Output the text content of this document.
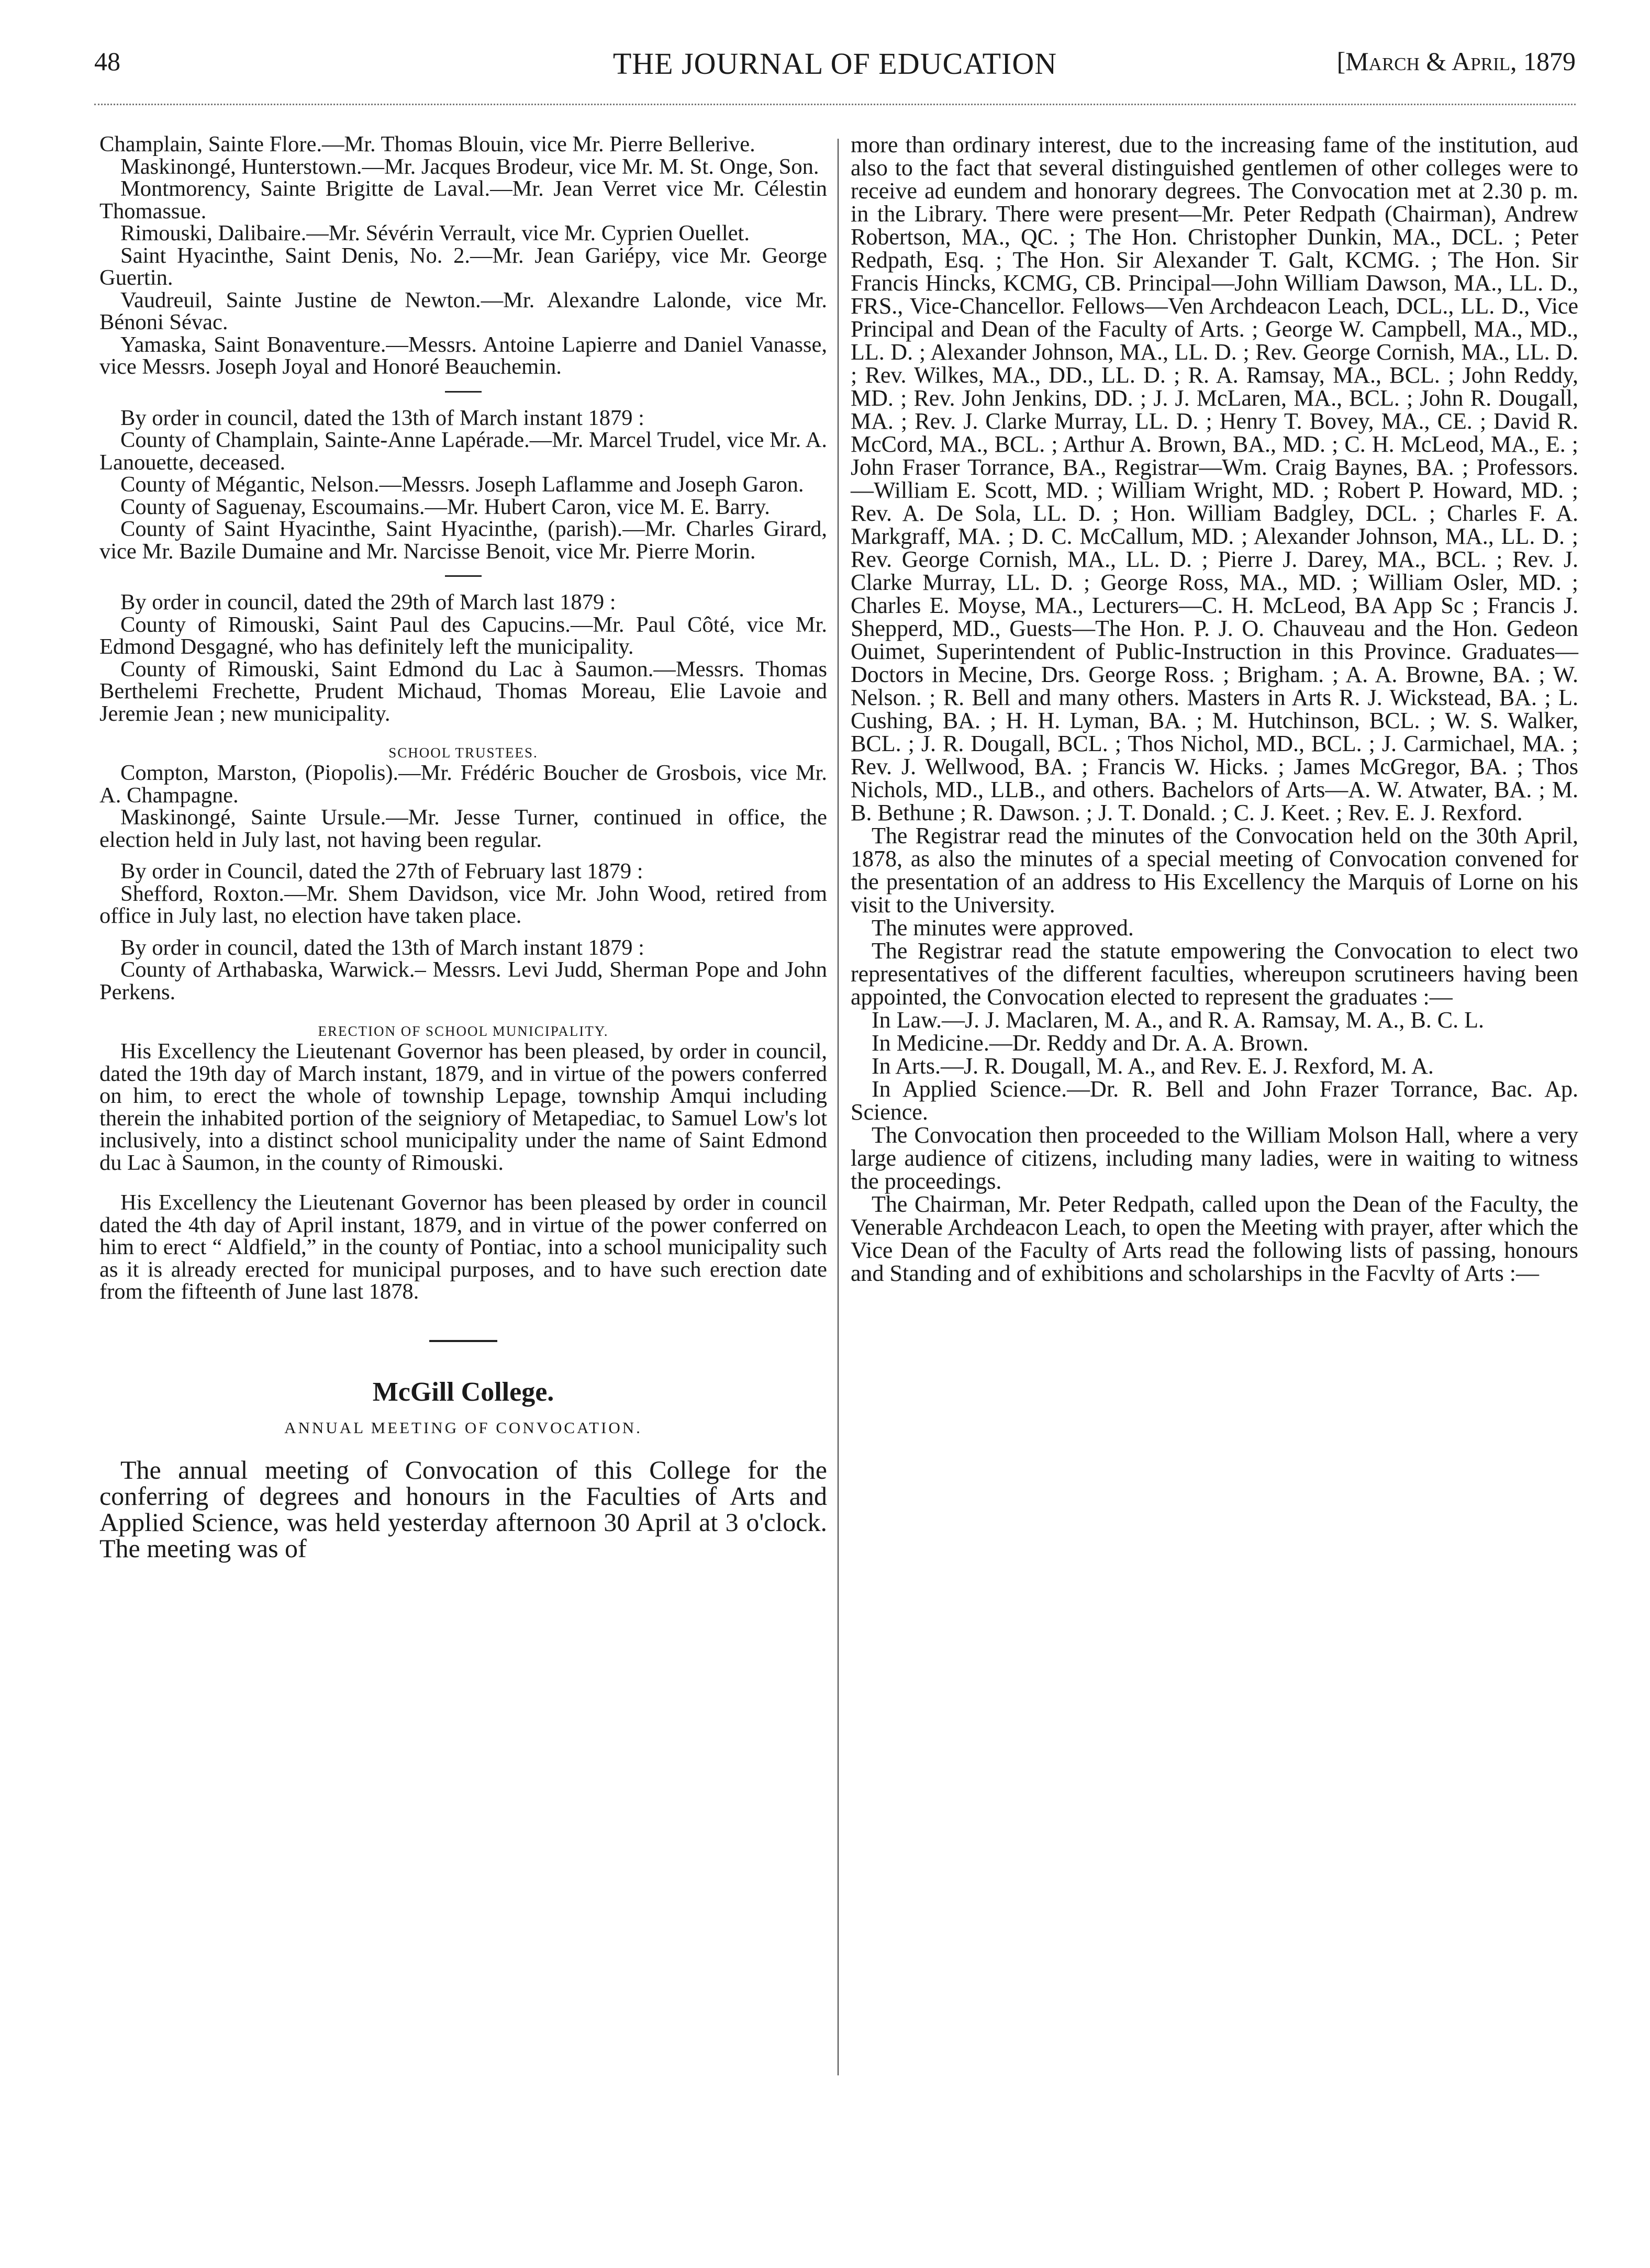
48	THE JOURNAL OF EDUCATION	[March & April, 1879

Champlain, Sainte Flore.—Mr. Thomas Blouin, vice Mr. Pierre Bellerive.

Maskinongé, Hunterstown.—Mr. Jacques Brodeur, vice Mr. M. St. Onge, Son.

Montmorency, Sainte Brigitte de Laval.—Mr. Jean Verret vice Mr. Célestin Thomassue.

Rimouski, Dalibaire.—Mr. Sévérin Verrault, vice Mr. Cyprien Ouellet.

Saint Hyacinthe, Saint Denis, No. 2.—Mr. Jean Gariépy, vice Mr. George Guertin.

Vaudreuil, Sainte Justine de Newton.—Mr. Alexandre Lalonde, vice Mr. Bénoni Sévac.

Yamaska, Saint Bonaventure.—Messrs. Antoine Lapierre and Daniel Vanasse, vice Messrs. Joseph Joyal and Honoré Beauchemin.

By order in council, dated the 13th of March instant 1879 :

County of Champlain, Sainte-Anne Lapérade.—Mr. Marcel Trudel, vice Mr. A. Lanouette, deceased.

County of Mégantic, Nelson.—Messrs. Joseph Laflamme and Joseph Garon.

County of Saguenay, Escoumains.—Mr. Hubert Caron, vice M. E. Barry.

County of Saint Hyacinthe, Saint Hyacinthe, (parish).—Mr. Charles Girard, vice Mr. Bazile Dumaine and Mr. Narcisse Benoit, vice Mr. Pierre Morin.

By order in council, dated the 29th of March last 1879 :

County of Rimouski, Saint Paul des Capucins.—Mr. Paul Côté, vice Mr. Edmond Desgagné, who has definitely left the municipality.

County of Rimouski, Saint Edmond du Lac à Saumon.—Messrs. Thomas Berthelemi Frechette, Prudent Michaud, Thomas Moreau, Elie Lavoie and Jeremie Jean ; new municipality.

SCHOOL TRUSTEES.

Compton, Marston, (Piopolis).—Mr. Frédéric Boucher de Grosbois, vice Mr. A. Champagne.

Maskinongé, Sainte Ursule.—Mr. Jesse Turner, continued in office, the election held in July last, not having been regular.

By order in Council, dated the 27th of February last 1879 :

Shefford, Roxton.—Mr. Shem Davidson, vice Mr. John Wood, retired from office in July last, no election have taken place.

By order in council, dated the 13th of March instant 1879 :

County of Arthabaska, Warwick.– Messrs. Levi Judd, Sherman Pope and John Perkens.

ERECTION OF SCHOOL MUNICIPALITY.

His Excellency the Lieutenant Governor has been pleased, by order in council, dated the 19th day of March instant, 1879, and in virtue of the powers conferred on him, to erect the whole of township Lepage, township Amqui including therein the inhabited portion of the seigniory of Metapediac, to Samuel Low's lot inclusively, into a distinct school municipality under the name of Saint Edmond du Lac à Saumon, in the county of Rimouski.

His Excellency the Lieutenant Governor has been pleased by order in council dated the 4th day of April instant, 1879, and in virtue of the power conferred on him to erect “ Aldfield,” in the county of Pontiac, into a school municipality such as it is already erected for municipal purposes, and to have such erection date from the fifteenth of June last 1878.

McGill College.
ANNUAL MEETING OF CONVOCATION.

The annual meeting of Convocation of this College for the conferring of degrees and honours in the Faculties of Arts and Applied Science, was held yesterday afternoon 30 April at 3 o'clock. The meeting was of

more than ordinary interest, due to the increasing fame of the institution, aud also to the fact that several distinguished gentlemen of other colleges were to receive ad eundem and honorary degrees. The Convocation met at 2.30 p. m. in the Library. There were present—Mr. Peter Redpath (Chairman), Andrew Robertson, MA., QC. ; The Hon. Christopher Dunkin, MA., DCL. ; Peter Redpath, Esq. ; The Hon. Sir Alexander T. Galt, KCMG. ; The Hon. Sir Francis Hincks, KCMG, CB. Principal—John William Dawson, MA., LL. D., FRS., Vice-Chancellor. Fellows—Ven Archdeacon Leach, DCL., LL. D., Vice Principal and Dean of the Faculty of Arts. ; George W. Campbell, MA., MD., LL. D. ; Alexander Johnson, MA., LL. D. ; Rev. George Cornish, MA., LL. D. ; Rev. Wilkes, MA., DD., LL. D. ; R. A. Ramsay, MA., BCL. ; John Reddy, MD. ; Rev. John Jenkins, DD. ; J. J. McLaren, MA., BCL. ; John R. Dougall, MA. ; Rev. J. Clarke Murray, LL. D. ; Henry T. Bovey, MA., CE. ; David R. McCord, MA., BCL. ; Arthur A. Brown, BA., MD. ; C. H. McLeod, MA., E. ; John Fraser Torrance, BA., Registrar—Wm. Craig Baynes, BA. ; Professors.—William E. Scott, MD. ; William Wright, MD. ; Robert P. Howard, MD. ; Rev. A. De Sola, LL. D. ; Hon. William Badgley, DCL. ; Charles F. A. Markgraff, MA. ; D. C. McCallum, MD. ; Alexander Johnson, MA., LL. D. ; Rev. George Cornish, MA., LL. D. ; Pierre J. Darey, MA., BCL. ; Rev. J. Clarke Murray, LL. D. ; George Ross, MA., MD. ; William Osler, MD. ; Charles E. Moyse, MA., Lecturers—C. H. McLeod, BA App Sc ; Francis J. Shepperd, MD., Guests—The Hon. P. J. O. Chauveau and the Hon. Gedeon Ouimet, Superintendent of Public-Instruction in this Province. Graduates—Doctors in Mecine, Drs. George Ross. ; Brigham. ; A. A. Browne, BA. ; W. Nelson. ; R. Bell and many others. Masters in Arts R. J. Wickstead, BA. ; L. Cushing, BA. ; H. H. Lyman, BA. ; M. Hutchinson, BCL. ; W. S. Walker, BCL. ; J. R. Dougall, BCL. ; Thos Nichol, MD., BCL. ; J. Carmichael, MA. ; Rev. J. Wellwood, BA. ; Francis W. Hicks. ; James McGregor, BA. ; Thos Nichols, MD., LLB., and others. Bachelors of Arts—A. W. Atwater, BA. ; M. B. Bethune ; R. Dawson. ; J. T. Donald. ; C. J. Keet. ; Rev. E. J. Rexford.

The Registrar read the minutes of the Convocation held on the 30th April, 1878, as also the minutes of a special meeting of Convocation convened for the presentation of an address to His Excellency the Marquis of Lorne on his visit to the University.

The minutes were approved.

The Registrar read the statute empowering the Convocation to elect two representatives of the different faculties, whereupon scrutineers having been appointed, the Convocation elected to represent the graduates :—

In Law.—J. J. Maclaren, M. A., and R. A. Ramsay, M. A., B. C. L.

In Medicine.—Dr. Reddy and Dr. A. A. Brown.

In Arts.—J. R. Dougall, M. A., and Rev. E. J. Rexford, M. A.

In Applied Science.—Dr. R. Bell and John Frazer Torrance, Bac. Ap. Science.

The Convocation then proceeded to the William Molson Hall, where a very large audience of citizens, including many ladies, were in waiting to witness the proceedings.

The Chairman, Mr. Peter Redpath, called upon the Dean of the Faculty, the Venerable Archdeacon Leach, to open the Meeting with prayer, after which the Vice Dean of the Faculty of Arts read the following lists of passing, honours and Standing and of exhibitions and scholarships in the Facvlty of Arts :—
